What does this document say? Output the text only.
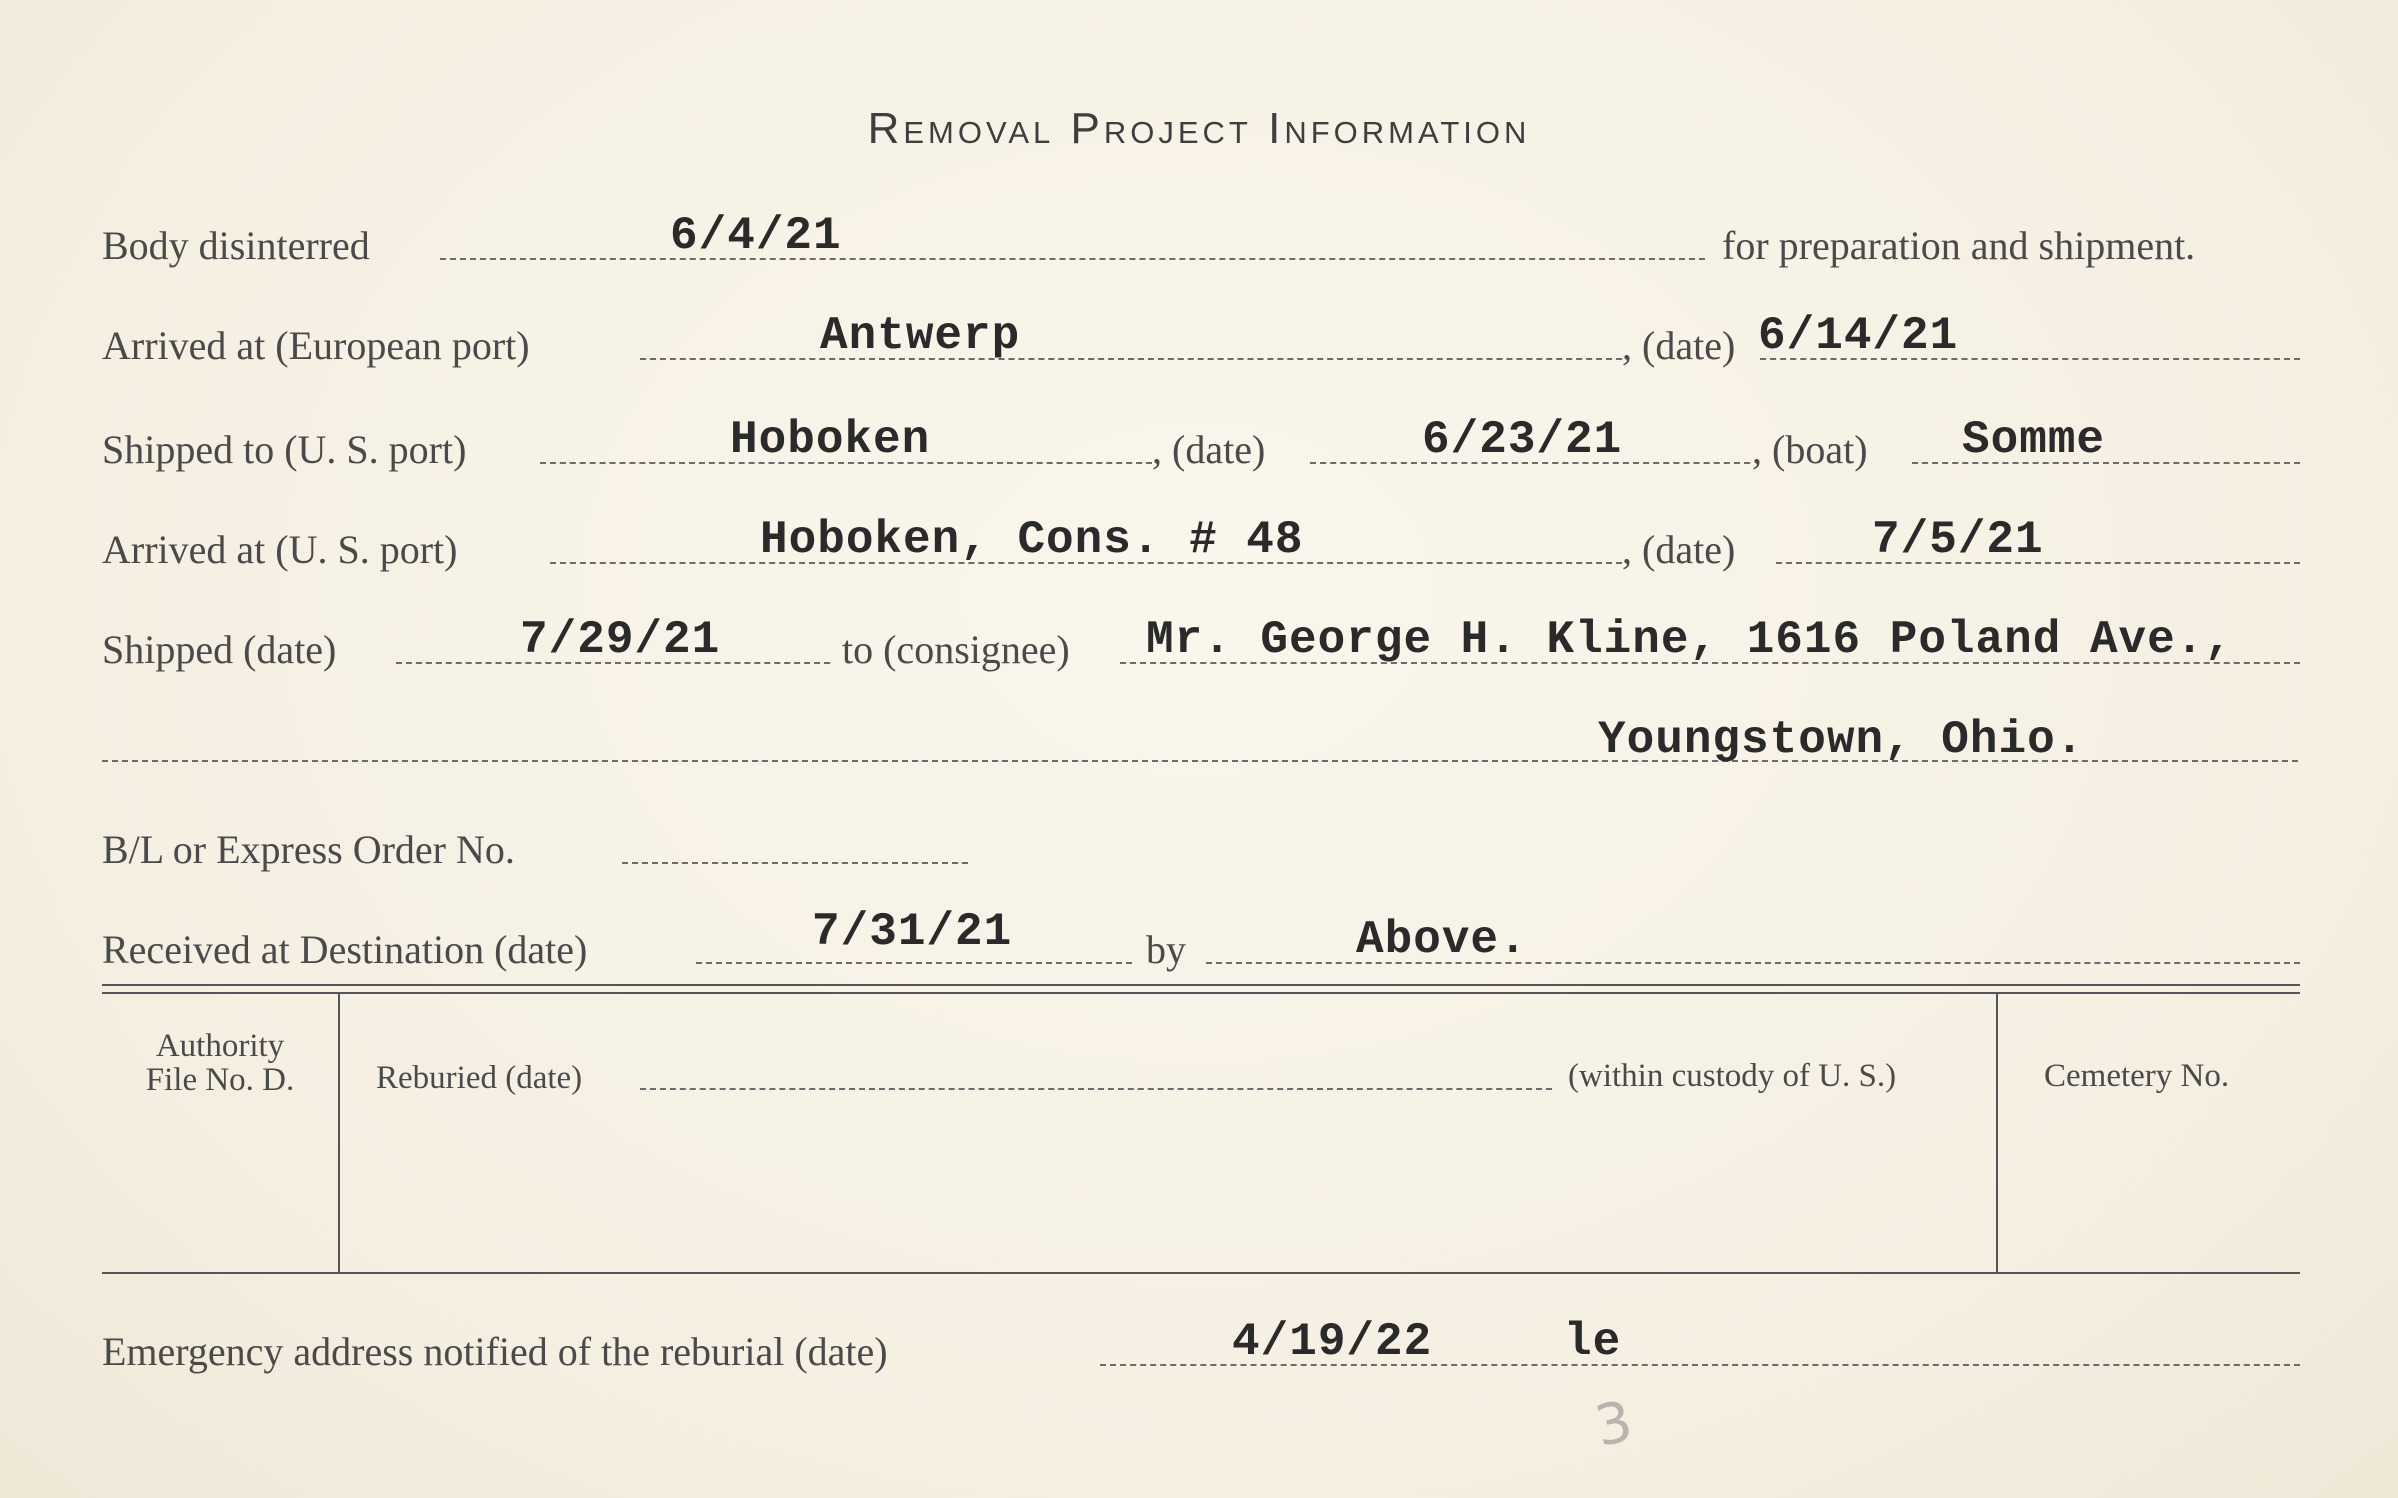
Removal Project Information
Body disinterred	6/4/21	for preparation and shipment.
Arrived at (European port)	Antwerp	, (date) 6/14/21
Shipped to (U. S. port)	Hoboken	, (date)	6/23/21	, (boat) Somme
Arrived at (U. S. port)	Hoboken, Cons. # 48	, (date)	7/5/21
Shipped (date)	7/29/21	to (consignee) Mr. George H. Kline, 1616 Poland Ave.,
Youngstown, Ohio.
B/L or Express Order No.
Received at Destination (date)	7/31/21	by	Above.
Authority
File No. D.	Reburied (date)	(within custody of U. S.)	Cemetery No.
Emergency address notified of the reburial (date)	4/19/22	le
3
